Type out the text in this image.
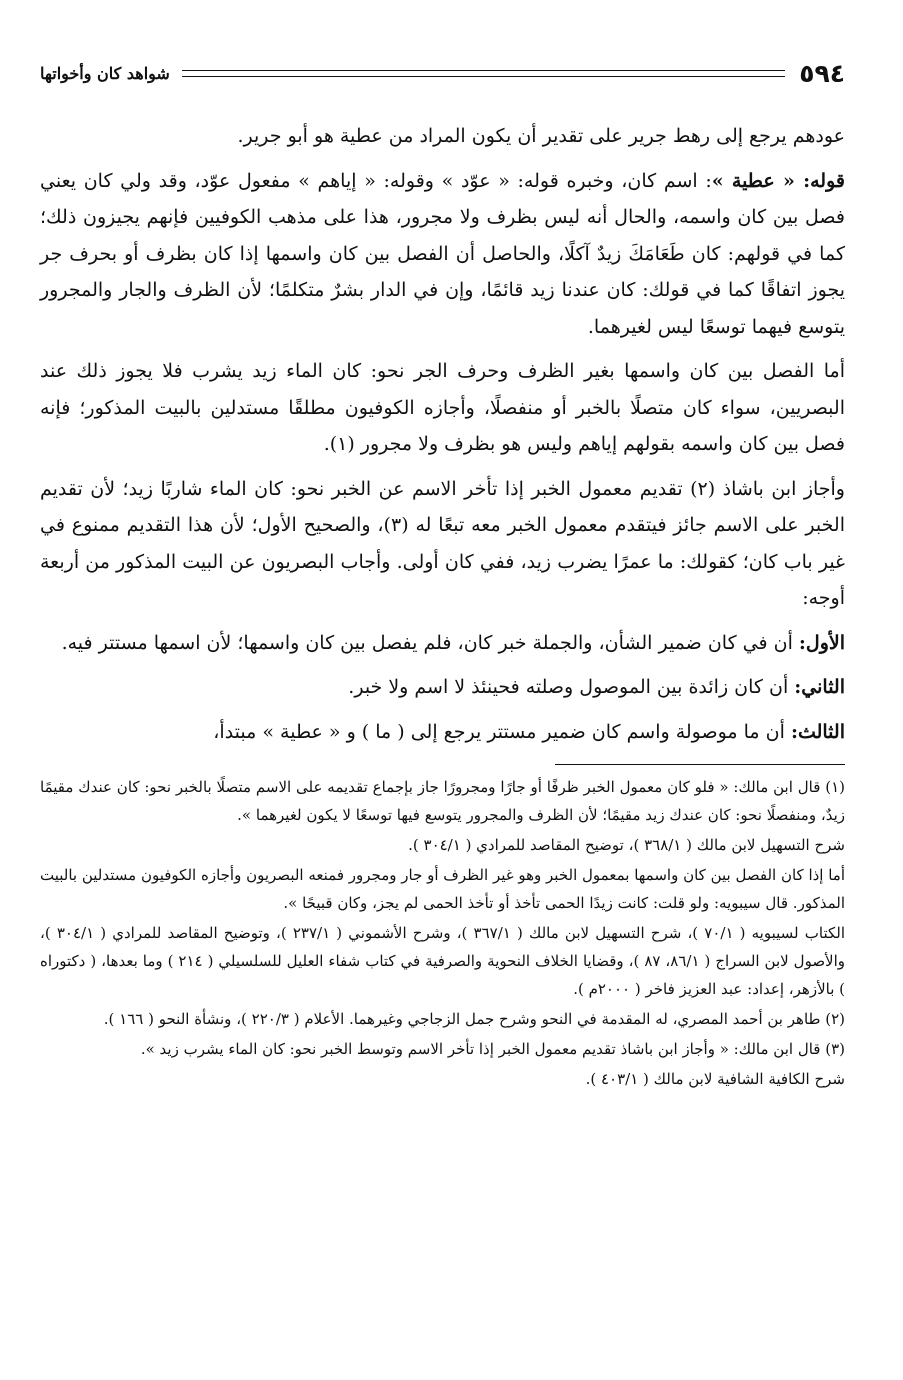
٥٩٤
شواهد كان وأخواتها

عودهم يرجع إلى رهط جرير على تقدير أن يكون المراد من عطية هو أبو جرير.

قوله: « عطية »: اسم كان، وخبره قوله: « عوّد » وقوله: « إياهم » مفعول عوّد، وقد ولي كان يعني فصل بين كان واسمه، والحال أنه ليس بظرف ولا مجرور، هذا على مذهب الكوفيين فإنهم يجيزون ذلك؛ كما في قولهم: كان طَعَامَكَ زيدٌ آكلًا، والحاصل أن الفصل بين كان واسمها إذا كان بظرف أو بحرف جر يجوز اتفاقًا كما في قولك: كان عندنا زيد قائمًا، وإن في الدار بشرٌ متكلمًا؛ لأن الظرف والجار والمجرور يتوسع فيهما توسعًا ليس لغيرهما.

أما الفصل بين كان واسمها بغير الظرف وحرف الجر نحو: كان الماء زيد يشرب فلا يجوز ذلك عند البصريين، سواء كان متصلًا بالخبر أو منفصلًا، وأجازه الكوفيون مطلقًا مستدلين بالبيت المذكور؛ فإنه فصل بين كان واسمه بقولهم إياهم وليس هو بظرف ولا مجرور (١).

وأجاز ابن باشاذ (٢) تقديم معمول الخبر إذا تأخر الاسم عن الخبر نحو: كان الماء شاربًا زيد؛ لأن تقديم الخبر على الاسم جائز فيتقدم معمول الخبر معه تبعًا له (٣)، والصحيح الأول؛ لأن هذا التقديم ممنوع في غير باب كان؛ كقولك: ما عمرًا يضرب زيد، ففي كان أولى. وأجاب البصريون عن البيت المذكور من أربعة أوجه:

الأول: أن في كان ضمير الشأن، والجملة خبر كان، فلم يفصل بين كان واسمها؛ لأن اسمها مستتر فيه.

الثاني: أن كان زائدة بين الموصول وصلته فحينئذ لا اسم ولا خبر.

الثالث: أن ما موصولة واسم كان ضمير مستتر يرجع إلى ( ما ) و « عطية » مبتدأ،

(١) قال ابن مالك: « فلو كان معمول الخبر ظرفًا أو جارًا ومجرورًا جاز بإجماع تقديمه على الاسم متصلًا بالخبر نحو: كان عندك مقيمًا زيدٌ، ومنفصلًا نحو: كان عندك زيد مقيمًا؛ لأن الظرف والمجرور يتوسع فيها توسعًا لا يكون لغيرهما ».

شرح التسهيل لابن مالك ( ٣٦٨/١ )، توضيح المقاصد للمرادي ( ٣٠٤/١ ).

أما إذا كان الفصل بين كان واسمها بمعمول الخبر وهو غير الظرف أو جار ومجرور فمنعه البصريون وأجازه الكوفيون مستدلين بالبيت المذكور. قال سيبويه: ولو قلت: كانت زيدًا الحمى تأخذ أو تأخذ الحمى لم يجز، وكان قبيحًا ».

الكتاب لسيبويه ( ٧٠/١ )، شرح التسهيل لابن مالك ( ٣٦٧/١ )، وشرح الأشموني ( ٢٣٧/١ )، وتوضيح المقاصد للمرادي ( ٣٠٤/١ )، والأصول لابن السراج ( ٨٦/١، ٨٧ )، وقضايا الخلاف النحوية والصرفية في كتاب شفاء العليل للسلسيلي ( ٢١٤ ) وما بعدها، ( دكتوراه ) بالأزهر، إعداد: عبد العزيز فاخر ( ٢٠٠٠م ).

(٢) طاهر بن أحمد المصري، له المقدمة في النحو وشرح جمل الزجاجي وغيرهما. الأعلام ( ٢٢٠/٣ )، ونشأة النحو ( ١٦٦ ).

(٣) قال ابن مالك: « وأجاز ابن باشاذ تقديم معمول الخبر إذا تأخر الاسم وتوسط الخبر نحو: كان الماء يشرب زيد ».

شرح الكافية الشافية لابن مالك ( ٤٠٣/١ ).
